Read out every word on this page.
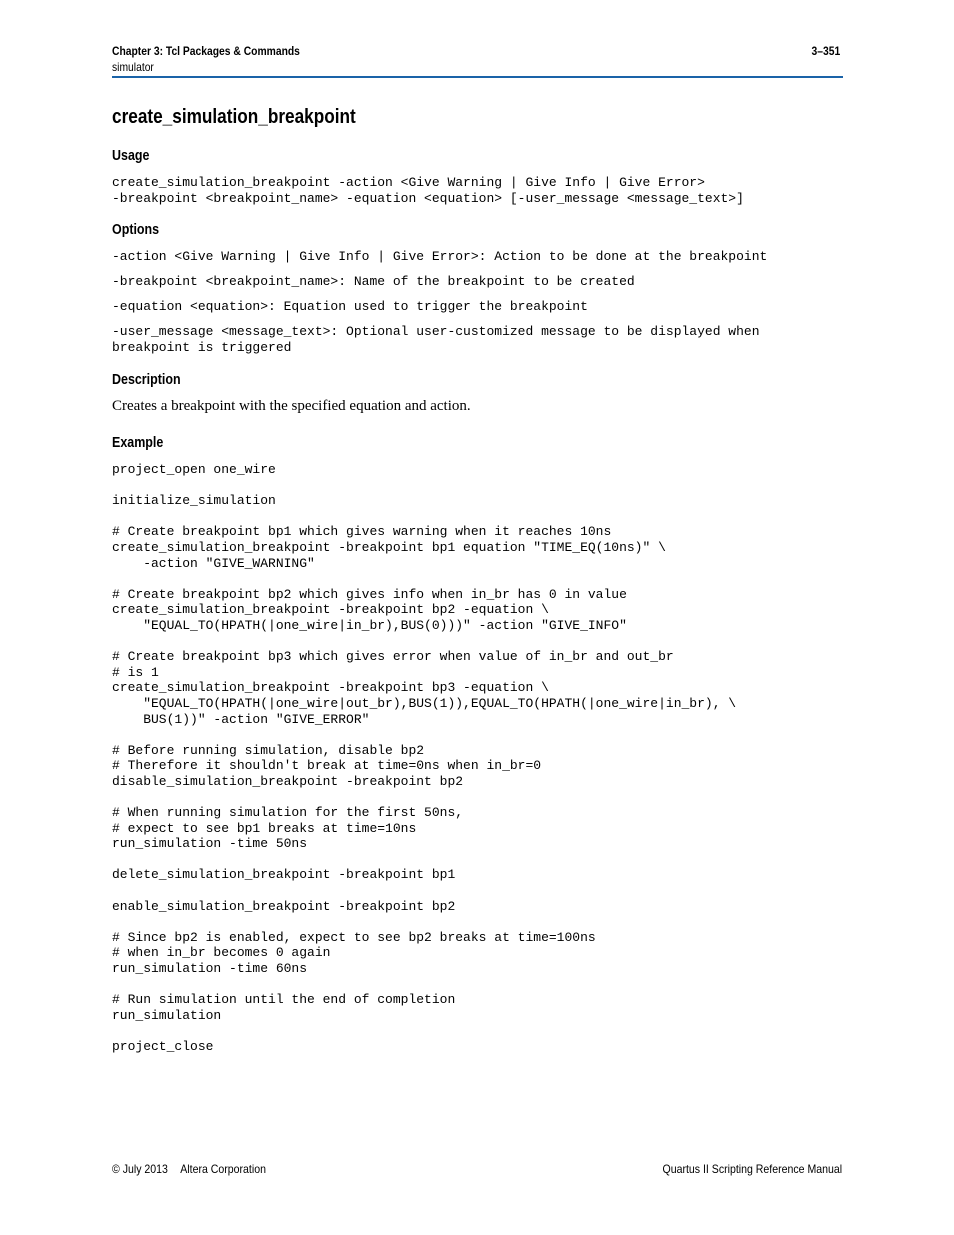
Chapter 3: Tcl Packages & Commands	3–351
simulator
create_simulation_breakpoint
Usage
create_simulation_breakpoint -action <Give Warning | Give Info | Give Error>
-breakpoint <breakpoint_name> -equation <equation> [-user_message <message_text>]
Options
-action <Give Warning | Give Info | Give Error>: Action to be done at the breakpoint
-breakpoint <breakpoint_name>: Name of the breakpoint to be created
-equation <equation>: Equation used to trigger the breakpoint
-user_message <message_text>: Optional user-customized message to be displayed when
breakpoint is triggered
Description
Creates a breakpoint with the specified equation and action.
Example
project_open one_wire

initialize_simulation

# Create breakpoint bp1 which gives warning when it reaches 10ns
create_simulation_breakpoint -breakpoint bp1 equation "TIME_EQ(10ns)" \
-action "GIVE_WARNING"

# Create breakpoint bp2 which gives info when in_br has 0 in value
create_simulation_breakpoint -breakpoint bp2 -equation \
"EQUAL_TO(HPATH(|one_wire|in_br),BUS(0)))" -action "GIVE_INFO"

# Create breakpoint bp3 which gives error when value of in_br and out_br
# is 1
create_simulation_breakpoint -breakpoint bp3 -equation \
"EQUAL_TO(HPATH(|one_wire|out_br),BUS(1)),EQUAL_TO(HPATH(|one_wire|in_br), \
BUS(1))" -action "GIVE_ERROR"

# Before running simulation, disable bp2
# Therefore it shouldn't break at time=0ns when in_br=0
disable_simulation_breakpoint -breakpoint bp2

# When running simulation for the first 50ns,
# expect to see bp1 breaks at time=10ns
run_simulation -time 50ns

delete_simulation_breakpoint -breakpoint bp1

enable_simulation_breakpoint -breakpoint bp2

# Since bp2 is enabled, expect to see bp2 breaks at time=100ns
# when in_br becomes 0 again
run_simulation -time 60ns

# Run simulation until the end of completion
run_simulation

project_close
© July 2013 Altera Corporation	Quartus II Scripting Reference Manual
